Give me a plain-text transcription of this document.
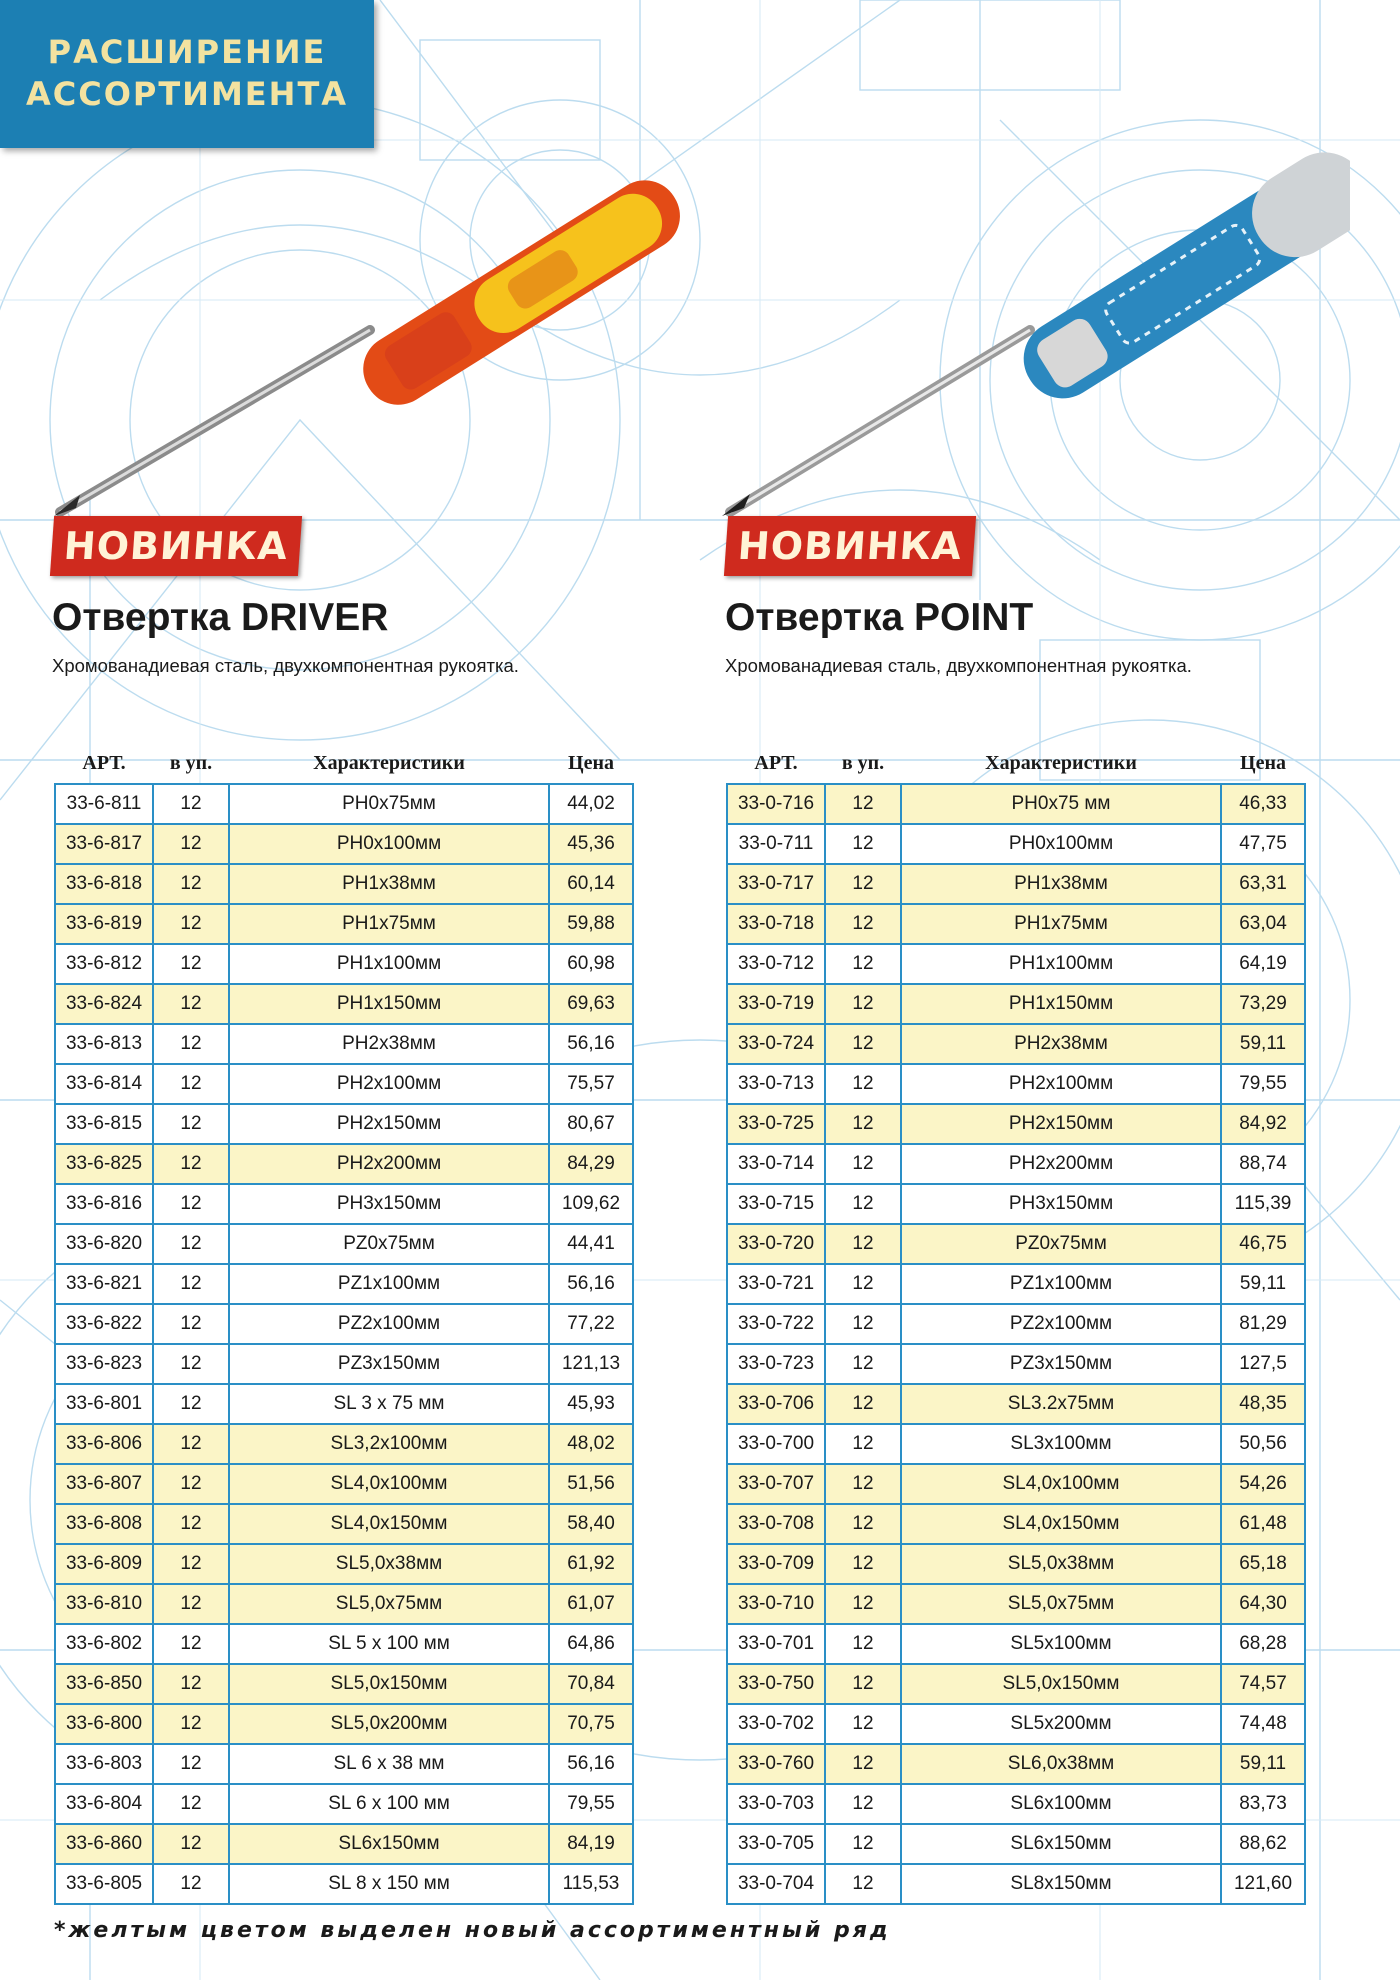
РАСШИРЕНИЕ
АССОРТИМЕНТА
НОВИНКА	НОВИНКА
Отвертка DRIVER	Отвертка POINT

Хромованадиевая сталь, двухкомпонентная рукоятка.	Хромованадиевая сталь, двухкомпонентная рукоятка.

АРТ.	в уп.	Характеристики	Цена
33-6-811	12	PH0x75мм	44,02
33-6-817	12	PH0x100мм	45,36
33-6-818	12	PH1x38мм	60,14
33-6-819	12	PH1x75мм	59,88
33-6-812	12	PH1x100мм	60,98
33-6-824	12	PH1x150мм	69,63
33-6-813	12	PH2x38мм	56,16
33-6-814	12	PH2x100мм	75,57
33-6-815	12	PH2x150мм	80,67
33-6-825	12	PH2x200мм	84,29
33-6-816	12	PH3x150мм	109,62
33-6-820	12	PZ0x75мм	44,41
33-6-821	12	PZ1x100мм	56,16
33-6-822	12	PZ2x100мм	77,22
33-6-823	12	PZ3x150мм	121,13
33-6-801	12	SL 3 x 75 мм	45,93
33-6-806	12	SL3,2x100мм	48,02
33-6-807	12	SL4,0x100мм	51,56
33-6-808	12	SL4,0x150мм	58,40
33-6-809	12	SL5,0x38мм	61,92
33-6-810	12	SL5,0x75мм	61,07
33-6-802	12	SL 5 x 100 мм	64,86
33-6-850	12	SL5,0x150мм	70,84
33-6-800	12	SL5,0x200мм	70,75
33-6-803	12	SL 6 x 38 мм	56,16
33-6-804	12	SL 6 x 100 мм	79,55
33-6-860	12	SL6x150мм	84,19
33-6-805	12	SL 8 x 150 мм	115,53
АРТ.	в уп.	Характеристики	Цена
33-0-716	12	PH0x75 мм	46,33
33-0-711	12	PH0x100мм	47,75
33-0-717	12	PH1x38мм	63,31
33-0-718	12	PH1x75мм	63,04
33-0-712	12	PH1x100мм	64,19
33-0-719	12	PH1x150мм	73,29
33-0-724	12	PH2x38мм	59,11
33-0-713	12	PH2x100мм	79,55
33-0-725	12	PH2x150мм	84,92
33-0-714	12	PH2x200мм	88,74
33-0-715	12	PH3x150мм	115,39
33-0-720	12	PZ0x75мм	46,75
33-0-721	12	PZ1x100мм	59,11
33-0-722	12	PZ2x100мм	81,29
33-0-723	12	PZ3x150мм	127,5
33-0-706	12	SL3.2x75мм	48,35
33-0-700	12	SL3x100мм	50,56
33-0-707	12	SL4,0x100мм	54,26
33-0-708	12	SL4,0x150мм	61,48
33-0-709	12	SL5,0x38мм	65,18
33-0-710	12	SL5,0x75мм	64,30
33-0-701	12	SL5x100мм	68,28
33-0-750	12	SL5,0x150мм	74,57
33-0-702	12	SL5x200мм	74,48
33-0-760	12	SL6,0x38мм	59,11
33-0-703	12	SL6x100мм	83,73
33-0-705	12	SL6x150мм	88,62
33-0-704	12	SL8x150мм	121,60

*желтым цветом выделен новый ассортиментный ряд
